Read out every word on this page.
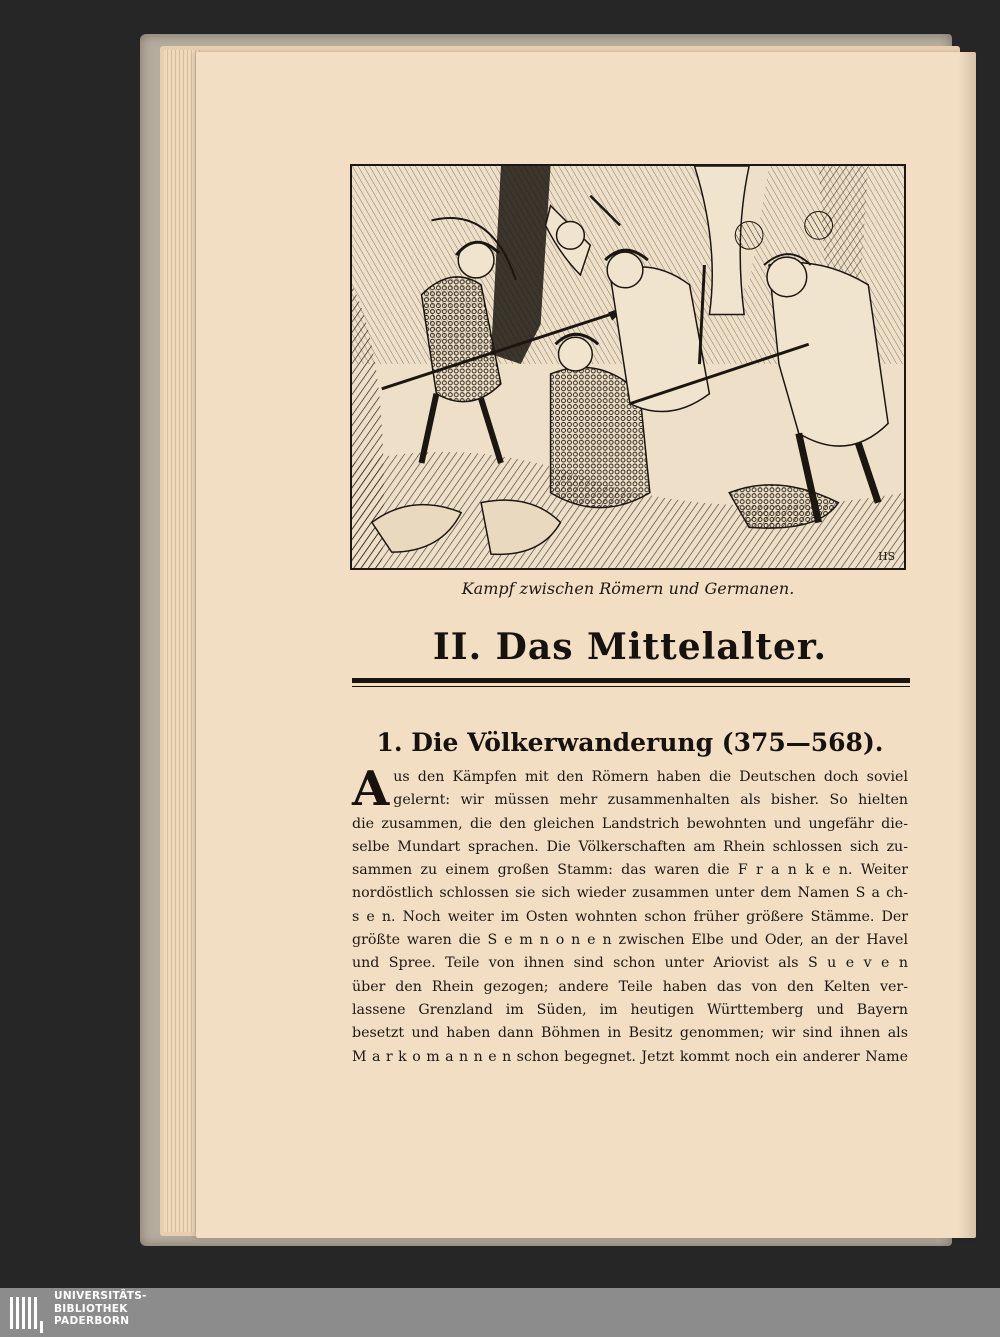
HS
Kampf zwischen Römern und Germanen.
II. Das Mittelalter.
1. Die Völkerwanderung (375—568).
A us den Kämpfen mit den Römern haben die Deutschen doch soviel
gelernt: wir müssen mehr zusammenhalten als bisher. So hielten
die zusammen, die den gleichen Landstrich bewohnten und ungefähr die-
selbe Mundart sprachen. Die Völkerschaften am Rhein schlossen sich zu-
sammen zu einem großen Stamm: das waren die F r a n k e n. Weiter
nordöstlich schlossen sie sich wieder zusammen unter dem Namen S a ch-
s e n. Noch weiter im Osten wohnten schon früher größere Stämme. Der
größte waren die S e m n o n e n zwischen Elbe und Oder, an der Havel
und Spree. Teile von ihnen sind schon unter Ariovist als S u e v e n
über den Rhein gezogen; andere Teile haben das von den Kelten ver-
lassene Grenzland im Süden, im heutigen Württemberg und Bayern
besetzt und haben dann Böhmen in Besitz genommen; wir sind ihnen als
M a r k o m a n n e n schon begegnet. Jetzt kommt noch ein anderer Name
UNIVERSITÄTS-
BIBLIOTHEK
PADERBORN
